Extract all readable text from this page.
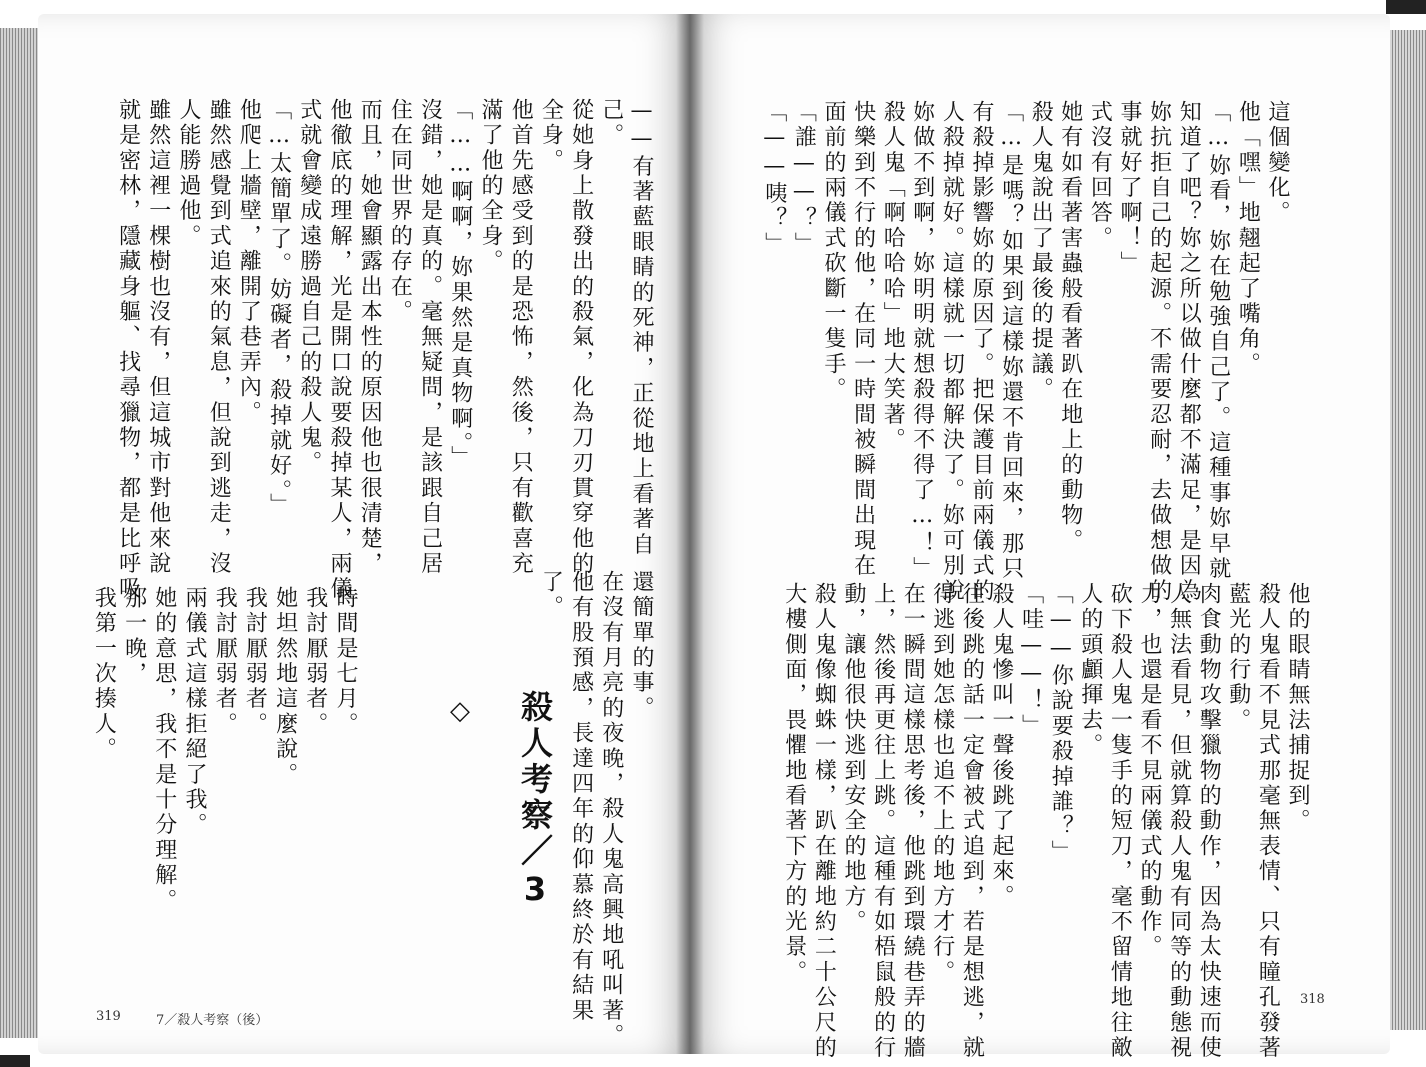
——有著藍眼睛的死神，正從地上看著自
己。
從她身上散發出的殺氣，化為刀刃貫穿他的
全身。
他首先感受到的是恐怖，然後，只有歡喜充
滿了他的全身。
「……啊啊，妳果然是真物啊。」
沒錯，她是真的。毫無疑問，是該跟自己居
住在同世界的存在。
而且，她會顯露出本性的原因他也很清楚，
他徹底的理解，光是開口說要殺掉某人，兩儀
式就會變成遠勝過自己的殺人鬼。
「…太簡單了。妨礙者，殺掉就好。」
他爬上牆壁，離開了巷弄內。
雖然感覺到式追來的氣息，但說到逃走，沒
人能勝過他。
雖然這裡一棵樹也沒有，但這城市對他來說
就是密林，隱藏身軀、找尋獵物，都是比呼吸
還簡單的事。
在沒有月亮的夜晚，殺人鬼高興地吼叫著。
他有股預感，長達四年的仰慕終於有結果
了。
◇ 殺人考察／3
時間是七月。
我討厭弱者。
她坦然地這麼說。
我討厭弱者。
我討厭弱者。
兩儀式這樣拒絕了我。
她的意思，我不是十分理解。
那一晚，
我第一次揍人。
319	7／殺人考察（後）
這個變化。
他「嘿」地翹起了嘴角。
「…妳看，妳在勉強自己了。這種事妳早就
知道了吧？妳之所以做什麼都不滿足，是因為
妳抗拒自己的起源。不需要忍耐，去做想做的
事就好了啊！」
式沒有回答。
她有如看著害蟲般看著趴在地上的動物。
殺人鬼說出了最後的提議。
「…是嗎？如果到這樣妳還不肯回來，那只
有殺掉影響妳的原因了。把保護目前兩儀式的
人殺掉就好。這樣就一切都解決了。妳可別說
妳做不到啊，妳明明就想殺得不得了…！」
殺人鬼「啊哈哈哈」地大笑著。
快樂到不行的他，在同一時間被瞬間出現在
面前的兩儀式砍斷一隻手。
「誰——？」
「——咦？」
他的眼睛無法捕捉到。
殺人鬼看不見式那毫無表情、只有瞳孔發著
藍光的行動。
肉食動物攻擊獵物的動作，因為太快速而使
人無法看見，但就算殺人鬼有同等的動態視
力，也還是看不見兩儀式的動作。
砍下殺人鬼一隻手的短刀，毫不留情地往敵
人的頭顱揮去。
「——你說要殺掉誰？」
「哇——！」
殺人鬼慘叫一聲後跳了起來。
往後跳的話一定會被式追到，若是想逃，就
得逃到她怎樣也追不上的地方才行。
在一瞬間這樣思考後，他跳到環繞巷弄的牆
上，然後再更往上跳。這種有如梧鼠般的行
動，讓他很快逃到安全的地方。
殺人鬼像蜘蛛一樣，趴在離地約二十公尺的
大樓側面，畏懼地看著下方的光景。
318
